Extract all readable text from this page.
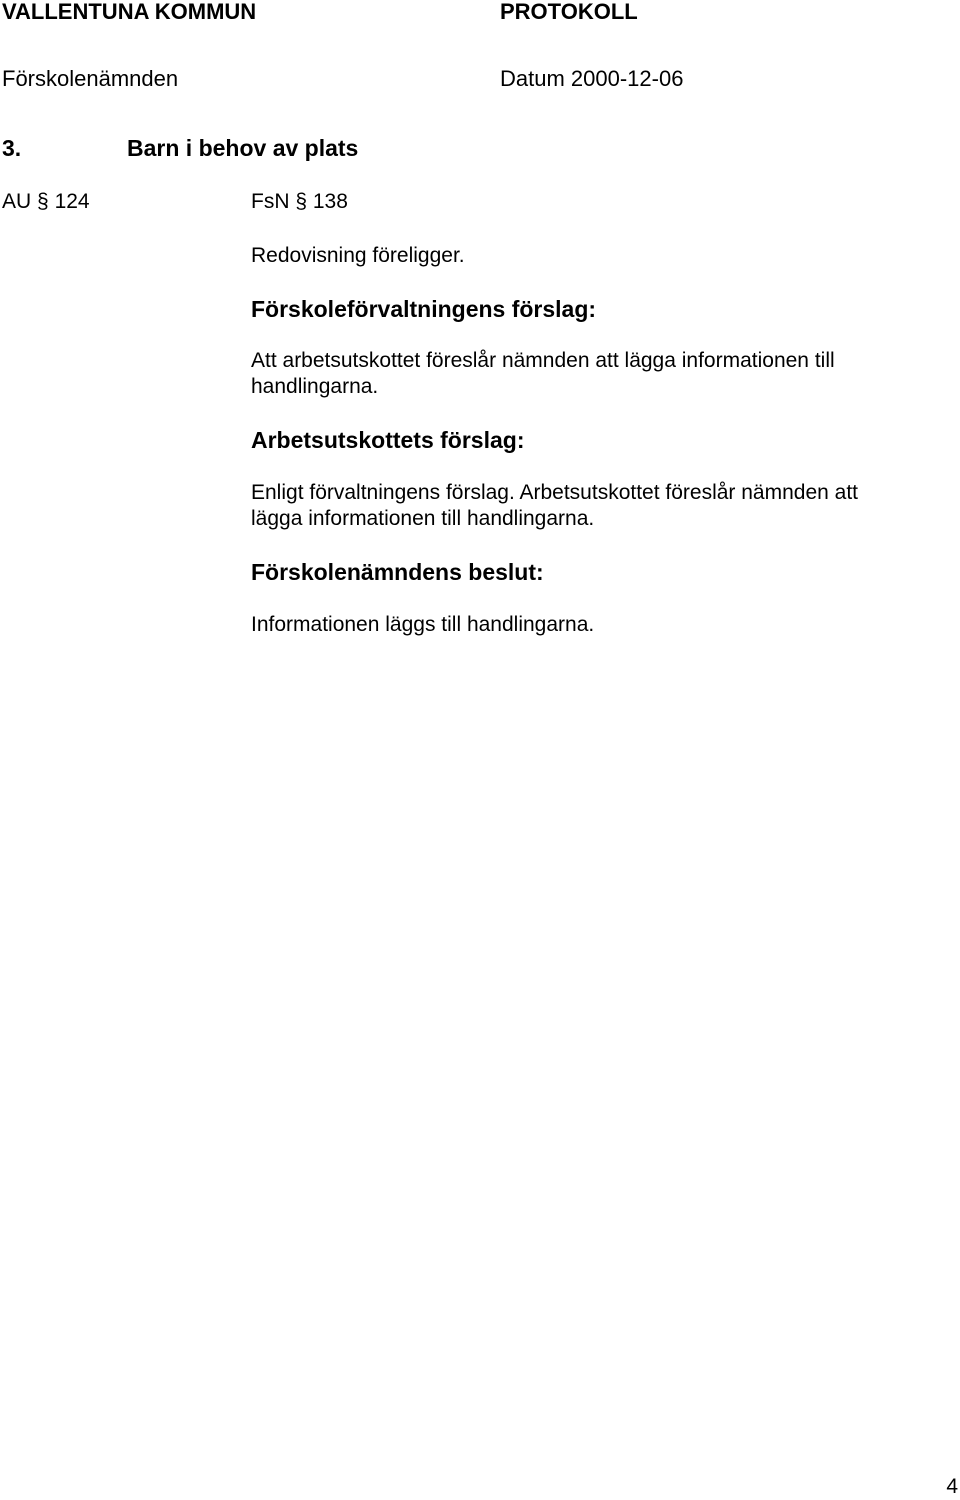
VALLENTUNA KOMMUN	PROTOKOLL
Förskolenämnden	Datum 2000-12-06
3.	Barn i behov av plats
AU § 124	FsN § 138
Redovisning föreligger.
Förskoleförvaltningens förslag:
Att arbetsutskottet föreslår nämnden att lägga informationen till
handlingarna.
Arbetsutskottets förslag:
Enligt förvaltningens förslag. Arbetsutskottet föreslår nämnden att
lägga informationen till handlingarna.
Förskolenämndens beslut:
Informationen läggs till handlingarna.
4
